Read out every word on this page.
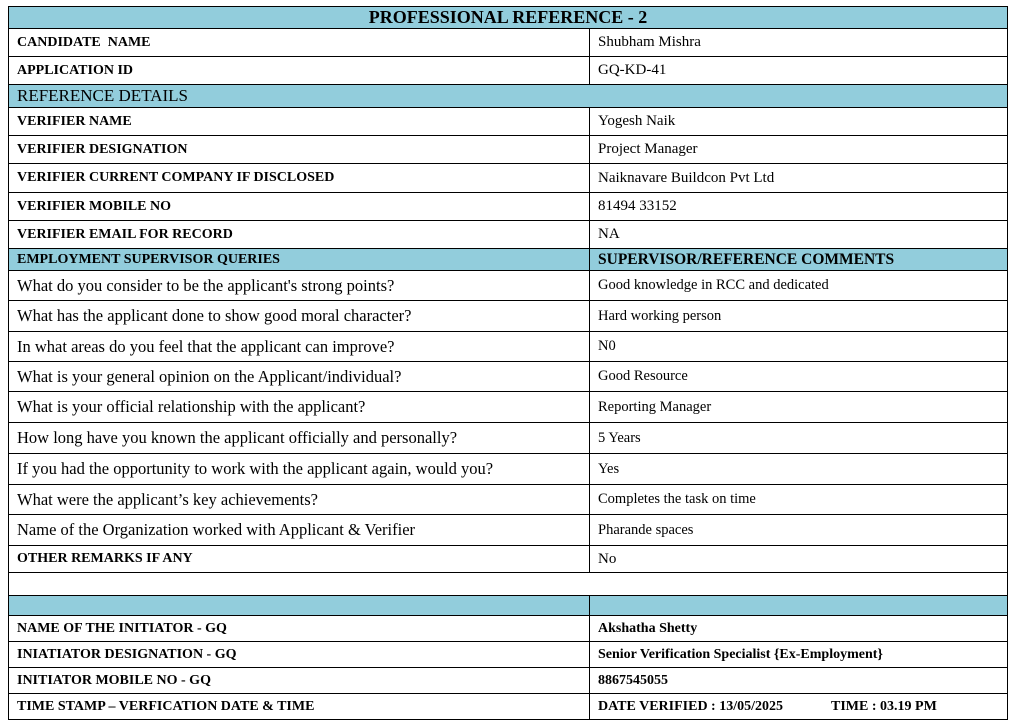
PROFESSIONAL REFERENCE - 2	
CANDIDATE  NAME	Shubham Mishra
APPLICATION ID	GQ-KD-41
REFERENCE DETAILS	
VERIFIER NAME	Yogesh Naik
VERIFIER DESIGNATION	Project Manager
VERIFIER CURRENT COMPANY IF DISCLOSED	Naiknavare Buildcon Pvt Ltd
VERIFIER MOBILE NO	81494 33152
VERIFIER EMAIL FOR RECORD	NA
EMPLOYMENT SUPERVISOR QUERIES	SUPERVISOR/REFERENCE COMMENTS
What do you consider to be the applicant's strong points?	Good knowledge in RCC and dedicated
What has the applicant done to show good moral character?	Hard working person
In what areas do you feel that the applicant can improve?	N0
What is your general opinion on the Applicant/individual?	Good Resource
What is your official relationship with the applicant?	Reporting Manager
How long have you known the applicant officially and personally?	5 Years
If you had the opportunity to work with the applicant again, would you?	Yes
What were the applicant’s key achievements?	Completes the task on time
Name of the Organization worked with Applicant & Verifier	Pharande spaces
OTHER REMARKS IF ANY	No

NAME OF THE INITIATOR - GQ	Akshatha Shetty
INIATIATOR DESIGNATION - GQ	Senior Verification Specialist {Ex-Employment}
INITIATOR MOBILE NO - GQ	8867545055
TIME STAMP – VERFICATION DATE & TIME	DATE VERIFIED : 13/05/2025 TIME : 03.19 PM
